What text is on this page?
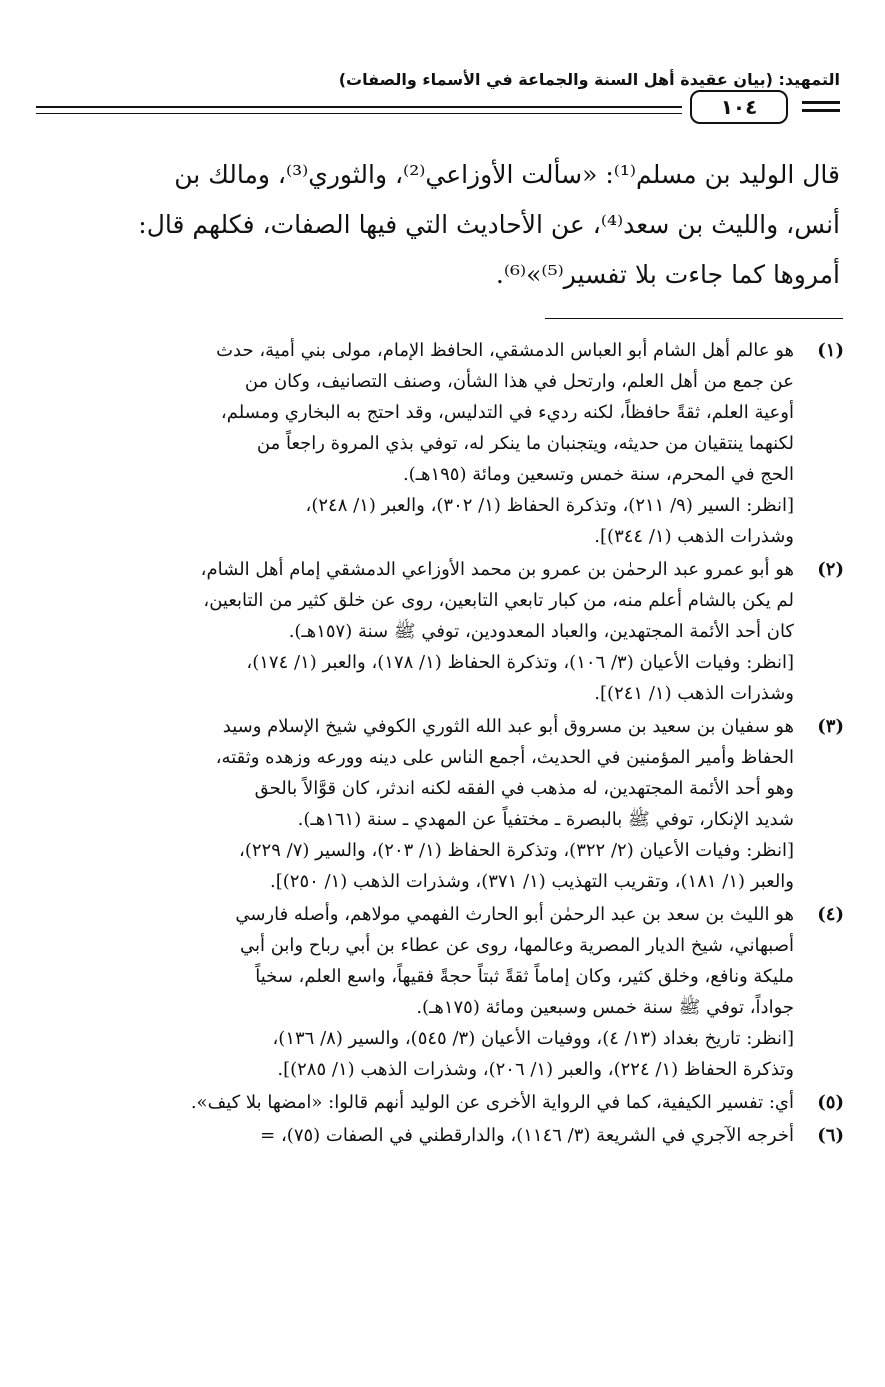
التمهيد: (بيان عقيدة أهل السنة والجماعة في الأسماء والصفات)
١٠٤
قال الوليد بن مسلم⁽¹⁾: «سألت الأوزاعي⁽²⁾، والثوري⁽³⁾، ومالك بن
أنس، والليث بن سعد⁽⁴⁾، عن الأحاديث التي فيها الصفات، فكلهم قال:
أمروها كما جاءت بلا تفسير⁽⁵⁾»⁽⁶⁾.
(١)
هو عالم أهل الشام أبو العباس الدمشقي، الحافظ الإمام، مولى بني أمية، حدث
عن جمع من أهل العلم، وارتحل في هذا الشأن، وصنف التصانيف، وكان من
أوعية العلم، ثقةً حافظاً، لكنه رديء في التدليس، وقد احتج به البخاري ومسلم،
لكنهما ينتقيان من حديثه، ويتجنبان ما ينكر له، توفي بذي المروة راجعاً من
الحج في المحرم، سنة خمس وتسعين ومائة (١٩٥هـ).
[انظر: السير (٩/ ٢١١)، وتذكرة الحفاظ (١/ ٣٠٢)، والعبر (١/ ٢٤٨)،
وشذرات الذهب (١/ ٣٤٤)].
(٢)
هو أبو عمرو عبد الرحمٰن بن عمرو بن محمد الأوزاعي الدمشقي إمام أهل الشام،
لم يكن بالشام أعلم منه، من كبار تابعي التابعين، روى عن خلق كثير من التابعين،
كان أحد الأئمة المجتهدين، والعباد المعدودين، توفي ﷺ سنة (١٥٧هـ).
[انظر: وفيات الأعيان (٣/ ١٠٦)، وتذكرة الحفاظ (١/ ١٧٨)، والعبر (١/ ١٧٤)،
وشذرات الذهب (١/ ٢٤١)].
(٣)
هو سفيان بن سعيد بن مسروق أبو عبد الله الثوري الكوفي شيخ الإسلام وسيد
الحفاظ وأمير المؤمنين في الحديث، أجمع الناس على دينه وورعه وزهده وثقته،
وهو أحد الأئمة المجتهدين، له مذهب في الفقه لكنه اندثر، كان قوَّالاً بالحق
شديد الإنكار، توفي ﷺ بالبصرة ـ مختفياً عن المهدي ـ سنة (١٦١هـ).
[انظر: وفيات الأعيان (٢/ ٣٢٢)، وتذكرة الحفاظ (١/ ٢٠٣)، والسير (٧/ ٢٢٩)،
والعبر (١/ ١٨١)، وتقريب التهذيب (١/ ٣٧١)، وشذرات الذهب (١/ ٢٥٠)].
(٤)
هو الليث بن سعد بن عبد الرحمٰن أبو الحارث الفهمي مولاهم، وأصله فارسي
أصبهاني، شيخ الديار المصرية وعالمها، روى عن عطاء بن أبي رباح وابن أبي
مليكة ونافع، وخلق كثير، وكان إماماً ثقةً ثبتاً حجةً فقيهاً، واسع العلم، سخياً
جواداً، توفي ﷺ سنة خمس وسبعين ومائة (١٧٥هـ).
[انظر: تاريخ بغداد (١٣/ ٤)، ووفيات الأعيان (٣/ ٥٤٥)، والسير (٨/ ١٣٦)،
وتذكرة الحفاظ (١/ ٢٢٤)، والعبر (١/ ٢٠٦)، وشذرات الذهب (١/ ٢٨٥)].
(٥)
أي: تفسير الكيفية، كما في الرواية الأخرى عن الوليد أنهم قالوا: «امضها بلا كيف».
(٦)
أخرجه الآجري في الشريعة (٣/ ١١٤٦)، والدارقطني في الصفات (٧٥)، =
